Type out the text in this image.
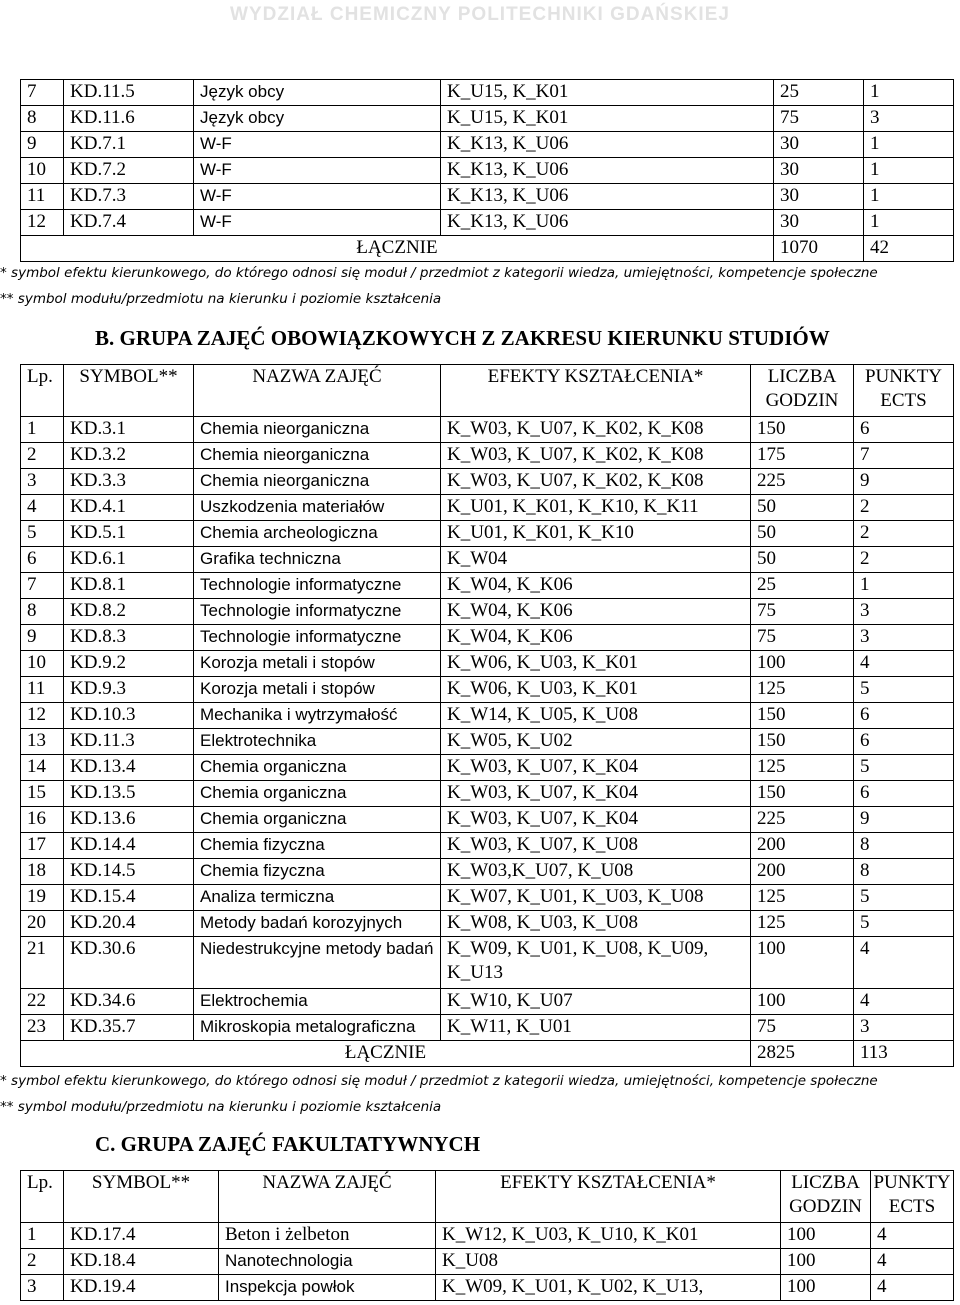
WYDZIAŁ CHEMICZNY POLITECHNIKI GDAŃSKIEJ
7	KD.11.5	Język obcy	K_U15, K_K01	25	1
8	KD.11.6	Język obcy	K_U15, K_K01	75	3
9	KD.7.1	W-F	K_K13, K_U06	30	1
10	KD.7.2	W-F	K_K13, K_U06	30	1
11	KD.7.3	W-F	K_K13, K_U06	30	1
12	KD.7.4	W-F	K_K13, K_U06	30	1
ŁĄCZNIE				1070	42
* symbol efektu kierunkowego, do którego odnosi się moduł / przedmiot z kategorii wiedza, umiejętności, kompetencje społeczne
** symbol modułu/przedmiotu na kierunku i poziomie kształcenia
B. GRUPA ZAJĘĆ OBOWIĄZKOWYCH Z ZAKRESU KIERUNKU STUDIÓW
Lp.	SYMBOL**	NAZWA ZAJĘĆ	EFEKTY KSZTAŁCENIA*	LICZBA GODZIN	PUNKTY ECTS
1	KD.3.1	Chemia nieorganiczna	K_W03, K_U07, K_K02, K_K08	150	6
2	KD.3.2	Chemia nieorganiczna	K_W03, K_U07, K_K02, K_K08	175	7
3	KD.3.3	Chemia nieorganiczna	K_W03, K_U07, K_K02, K_K08	225	9
4	KD.4.1	Uszkodzenia materiałów	K_U01, K_K01, K_K10, K_K11	50	2
5	KD.5.1	Chemia archeologiczna	K_U01, K_K01, K_K10	50	2
6	KD.6.1	Grafika techniczna	K_W04	50	2
7	KD.8.1	Technologie informatyczne	K_W04, K_K06	25	1
8	KD.8.2	Technologie informatyczne	K_W04, K_K06	75	3
9	KD.8.3	Technologie informatyczne	K_W04, K_K06	75	3
10	KD.9.2	Korozja metali i stopów	K_W06, K_U03, K_K01	100	4
11	KD.9.3	Korozja metali i stopów	K_W06, K_U03, K_K01	125	5
12	KD.10.3	Mechanika i wytrzymałość	K_W14, K_U05, K_U08	150	6
13	KD.11.3	Elektrotechnika	K_W05, K_U02	150	6
14	KD.13.4	Chemia organiczna	K_W03, K_U07, K_K04	125	5
15	KD.13.5	Chemia organiczna	K_W03, K_U07, K_K04	150	6
16	KD.13.6	Chemia organiczna	K_W03, K_U07, K_K04	225	9
17	KD.14.4	Chemia fizyczna	K_W03, K_U07, K_U08	200	8
18	KD.14.5	Chemia fizyczna	K_W03,K_U07, K_U08	200	8
19	KD.15.4	Analiza termiczna	K_W07, K_U01, K_U03, K_U08	125	5
20	KD.20.4	Metody badań korozyjnych	K_W08, K_U03, K_U08	125	5
21	KD.30.6	Niedestrukcyjne metody badań	K_W09, K_U01, K_U08, K_U09, K_U13	100	4
22	KD.34.6	Elektrochemia	K_W10, K_U07	100	4
23	KD.35.7	Mikroskopia metalograficzna	K_W11, K_U01	75	3
ŁĄCZNIE				2825	113
* symbol efektu kierunkowego, do którego odnosi się moduł / przedmiot z kategorii wiedza, umiejętności, kompetencje społeczne
** symbol modułu/przedmiotu na kierunku i poziomie kształcenia
C. GRUPA ZAJĘĆ FAKULTATYWNYCH
Lp.	SYMBOL**	NAZWA ZAJĘĆ	EFEKTY KSZTAŁCENIA*	LICZBA GODZIN	PUNKTY ECTS
1	KD.17.4	Beton i żelbeton	K_W12, K_U03, K_U10, K_K01	100	4
2	KD.18.4	Nanotechnologia	K_U08	100	4
3	KD.19.4	Inspekcja powłok	K_W09, K_U01, K_U02, K_U13,	100	4
